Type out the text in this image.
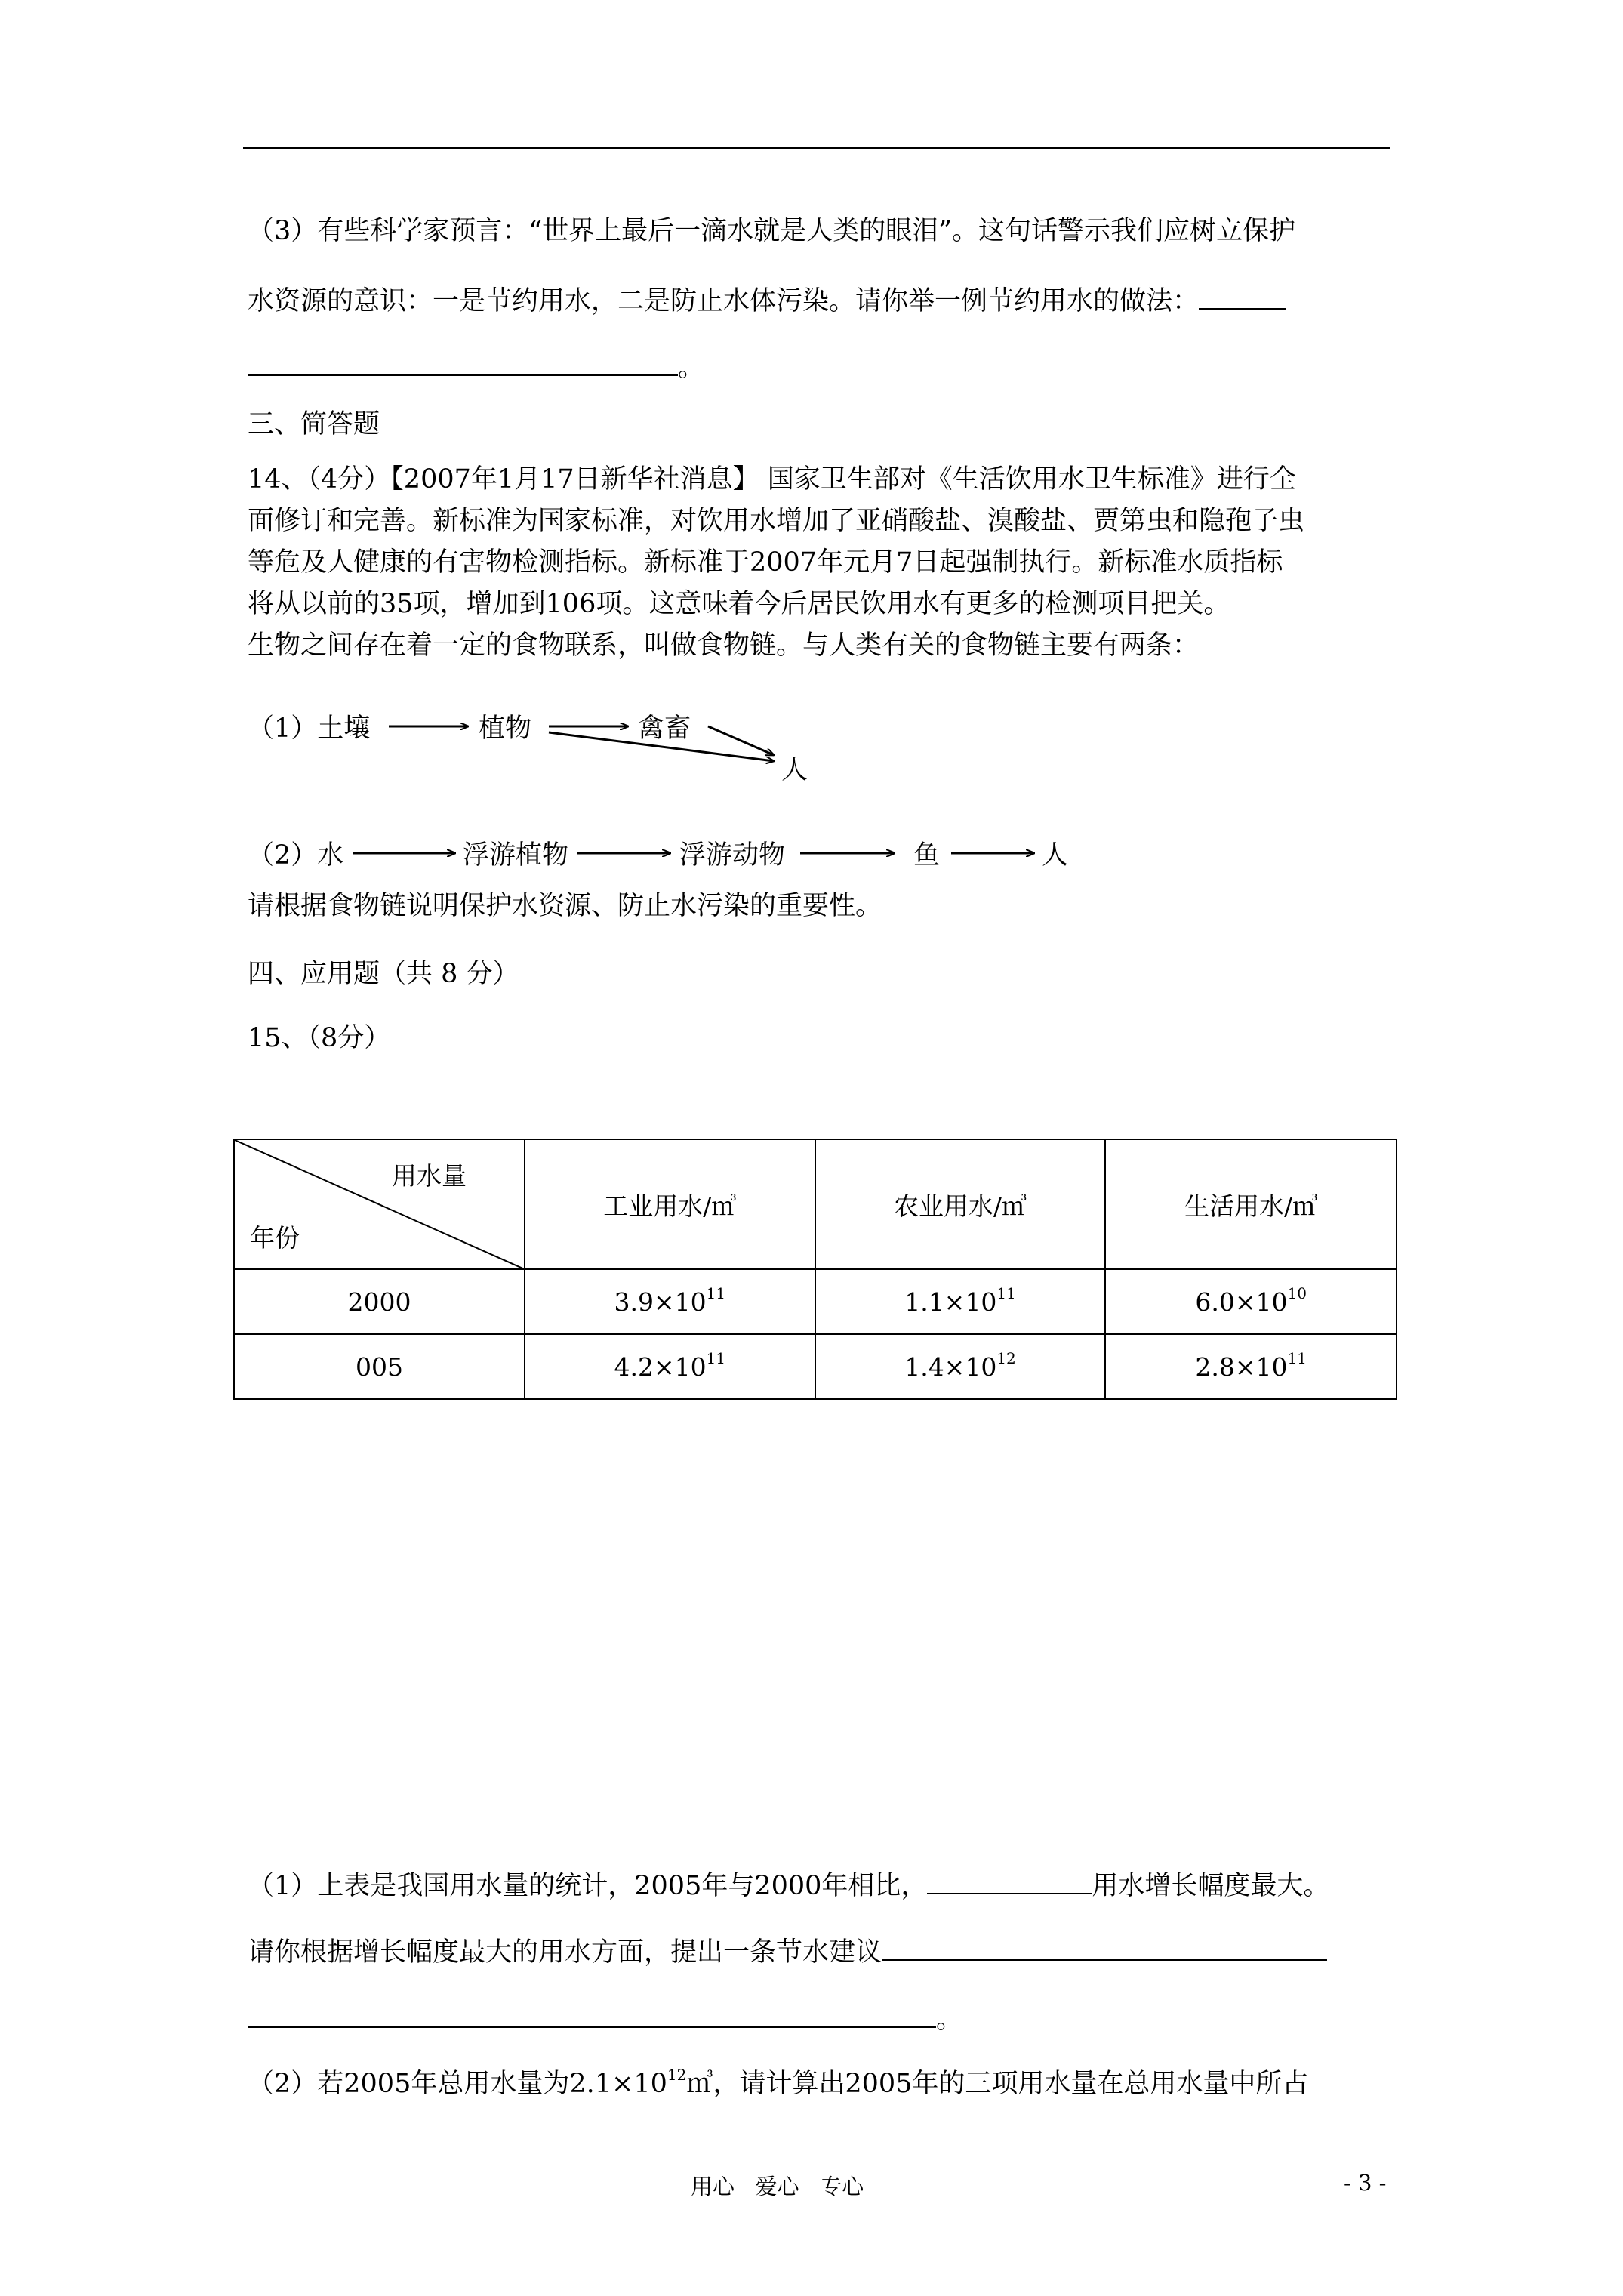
（3）有些科学家预言：“世界上最后一滴水就是人类的眼泪”。这句话警示我们应树立保护
水资源的意识：一是节约用水，二是防止水体污染。请你举一例节约用水的做法：
。
三、简答题
14、（4分）【2007年1月17日新华社消息】 国家卫生部对《生活饮用水卫生标准》进行全
面修订和完善。新标准为国家标准，对饮用水增加了亚硝酸盐、溴酸盐、贾第虫和隐孢子虫
等危及人健康的有害物检测指标。新标准于2007年元月7日起强制执行。新标准水质指标
将从以前的35项，增加到106项。这意味着今后居民饮用水有更多的检测项目把关。
生物之间存在着一定的食物联系，叫做食物链。与人类有关的食物链主要有两条：
（1）土壤	植物	禽畜
人
（2）水	浮游植物	浮游动物	鱼	人
请根据食物链说明保护水资源、防止水污染的重要性。
四、应用题（共 8 分）
15、（8分）
用水量
年份	工业用水/㎥	农业用水/㎥	生活用水/㎥
2000	$3.9\times 10^{11}$	$1.1\times 10^{11}$	$6.0\times 10^{10}$
005	$4.2\times 10^{11}$	$1.4\times 10^{12}$	$2.8\times 10^{11}$
（1）上表是我国用水量的统计，2005年与2000年相比，	用水增长幅度最大。
请你根据增长幅度最大的用水方面，提出一条节水建议
。
（2）若2005年总用水量为$2.1\times 10^{12}㎥$，请计算出2005年的三项用水量在总用水量中所占
用心   爱心   专心	- 3 -
